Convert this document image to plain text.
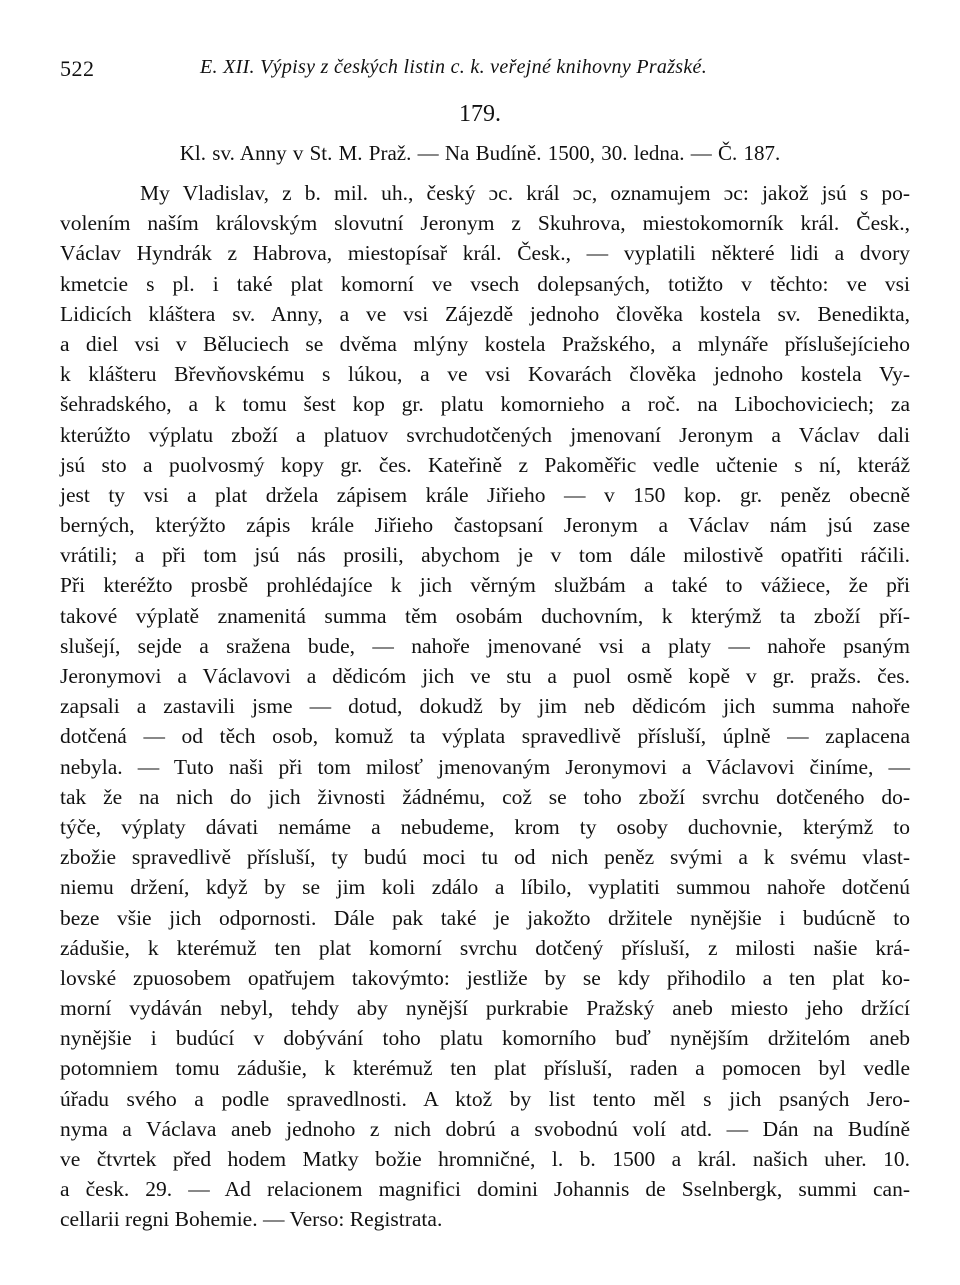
522	E. XII. Výpisy z českých listin c. k. veřejné knihovny Pražské.
179.
Kl. sv. Anny v St. M. Praž. — Na Budíně. 1500, 30. ledna. — Č. 187.
My Vladislav, z b. mil. uh., český ɔc. král ɔc, oznamujem ɔc: jakož jsú s po-
volením naším královským slovutní Jeronym z Skuhrova, miestokomorník král. Česk.,
Václav Hyndrák z Habrova, miestopísař král. Česk., — vyplatili některé lidi a dvory
kmetcie s pl. i také plat komorní ve vsech dolepsaných, totižto v těchto: ve vsi
Lidicích kláštera sv. Anny, a ve vsi Zájezdě jednoho člověka kostela sv. Benedikta,
a diel vsi v Běluciech se dvěma mlýny kostela Pražského, a mlynáře příslušejícieho
k klášteru Břevňovskému s lúkou, a ve vsi Kovarách člověka jednoho kostela Vy-
šehradského, a k tomu šest kop gr. platu komornieho a roč. na Libochoviciech; za
kterúžto výplatu zboží a platuov svrchudotčených jmenovaní Jeronym a Václav dali
jsú sto a puolvosmý kopy gr. čes. Kateřině z Pakoměřic vedle učtenie s ní, kteráž
jest ty vsi a plat držela zápisem krále Jiřieho — v 150 kop. gr. peněz obecně
berných, kterýžto zápis krále Jiřieho častopsaní Jeronym a Václav nám jsú zase
vrátili; a při tom jsú nás prosili, abychom je v tom dále milostivě opatřiti ráčili.
Při kteréžto prosbě prohlédajíce k jich věrným službám a také to vážiece, že při
takové výplatě znamenitá summa těm osobám duchovním, k kterýmž ta zboží pří-
slušejí, sejde a sražena bude, — nahoře jmenované vsi a platy — nahoře psaným
Jeronymovi a Václavovi a dědicóm jich ve stu a puol osmě kopě v gr. pražs. čes.
zapsali a zastavili jsme — dotud, dokudž by jim neb dědicóm jich summa nahoře
dotčená — od těch osob, komuž ta výplata spravedlivě přísluší, úplně — zaplacena
nebyla. — Tuto naši při tom milosť jmenovaným Jeronymovi a Václavovi činíme, —
tak že na nich do jich živnosti žádnému, což se toho zboží svrchu dotčeného do-
týče, výplaty dávati nemáme a nebudeme, krom ty osoby duchovnie, kterýmž to
zbožie spravedlivě přísluší, ty budú moci tu od nich peněz svými a k svému vlast-
niemu držení, když by se jim koli zdálo a líbilo, vyplatiti summou nahoře dotčenú
beze všie jich odpornosti. Dále pak také je jakožto držitele nynějšie i budúcně to
zádušie, k kterémuž ten plat komorní svrchu dotčený přísluší, z milosti našie krá-
lovské zpuosobem opatřujem takovýmto: jestliže by se kdy přihodilo a ten plat ko-
morní vydáván nebyl, tehdy aby nynější purkrabie Pražský aneb miesto jeho držící
nynějšie i budúcí v dobývání toho platu komorního buď nynějším držitelóm aneb
potomniem tomu zádušie, k kterémuž ten plat přísluší, raden a pomocen byl vedle
úřadu svého a podle spravedlnosti. A ktož by list tento měl s jich psaných Jero-
nyma a Václava aneb jednoho z nich dobrú a svobodnú volí atd. — Dán na Budíně
ve čtvrtek před hodem Matky božie hromničné, l. b. 1500 a král. našich uher. 10.
a česk. 29. — Ad relacionem magnifici domini Johannis de Sselnbergk, summi can-
cellarii regni Bohemie. — Verso: Registrata.
